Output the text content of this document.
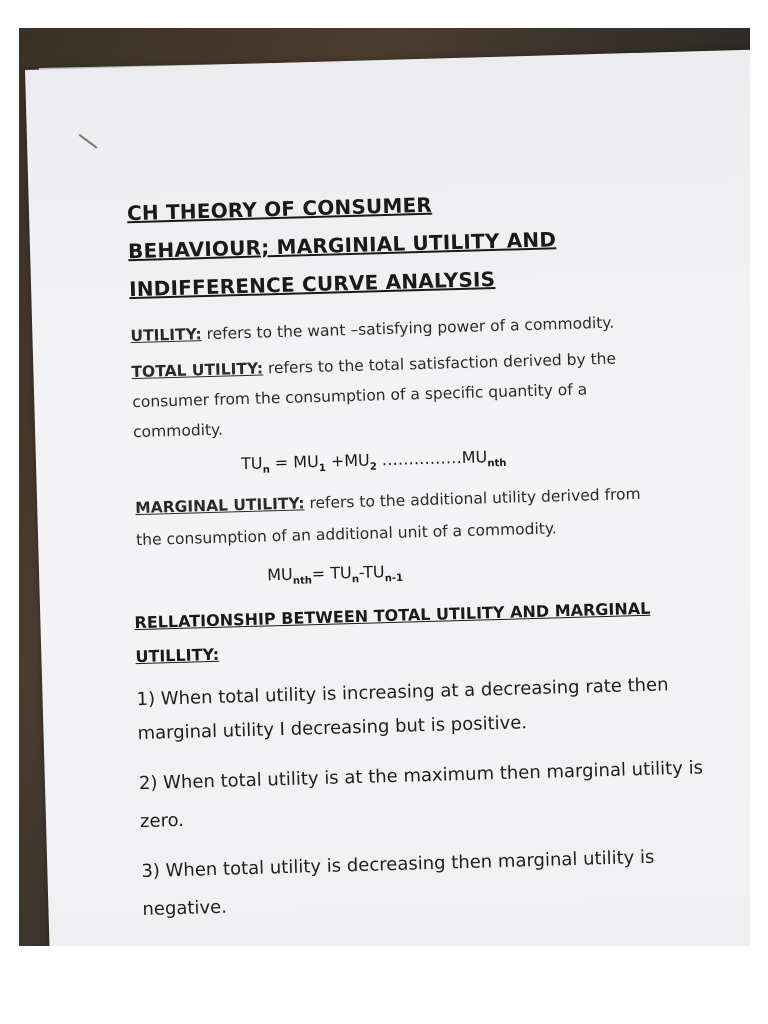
CH THEORY OF CONSUMER
BEHAVIOUR; MARGINIAL UTILITY AND
INDIFFERENCE CURVE ANALYSIS
UTILITY: refers to the want –satisfying power of a commodity.
TOTAL UTILITY: refers to the total satisfaction derived by the
consumer from the consumption of a specific quantity of a
commodity.
$TU_n = MU_1 +MU_2$ $\dots\dots\dots\dots\dots MU_{nth}$
MARGINAL UTILITY: refers to the additional utility derived from
the consumption of an additional unit of a commodity.
$MU_{nth}= TU_n-TU_{n-1}$
RELLATIONSHIP BETWEEN TOTAL UTILITY AND MARGINAL
UTILLITY:
1) When total utility is increasing at a decreasing rate then
marginal utility I decreasing but is positive.
2) When total utility is at the maximum then marginal utility is
zero.
3) When total utility is decreasing then marginal utility is
negative.
